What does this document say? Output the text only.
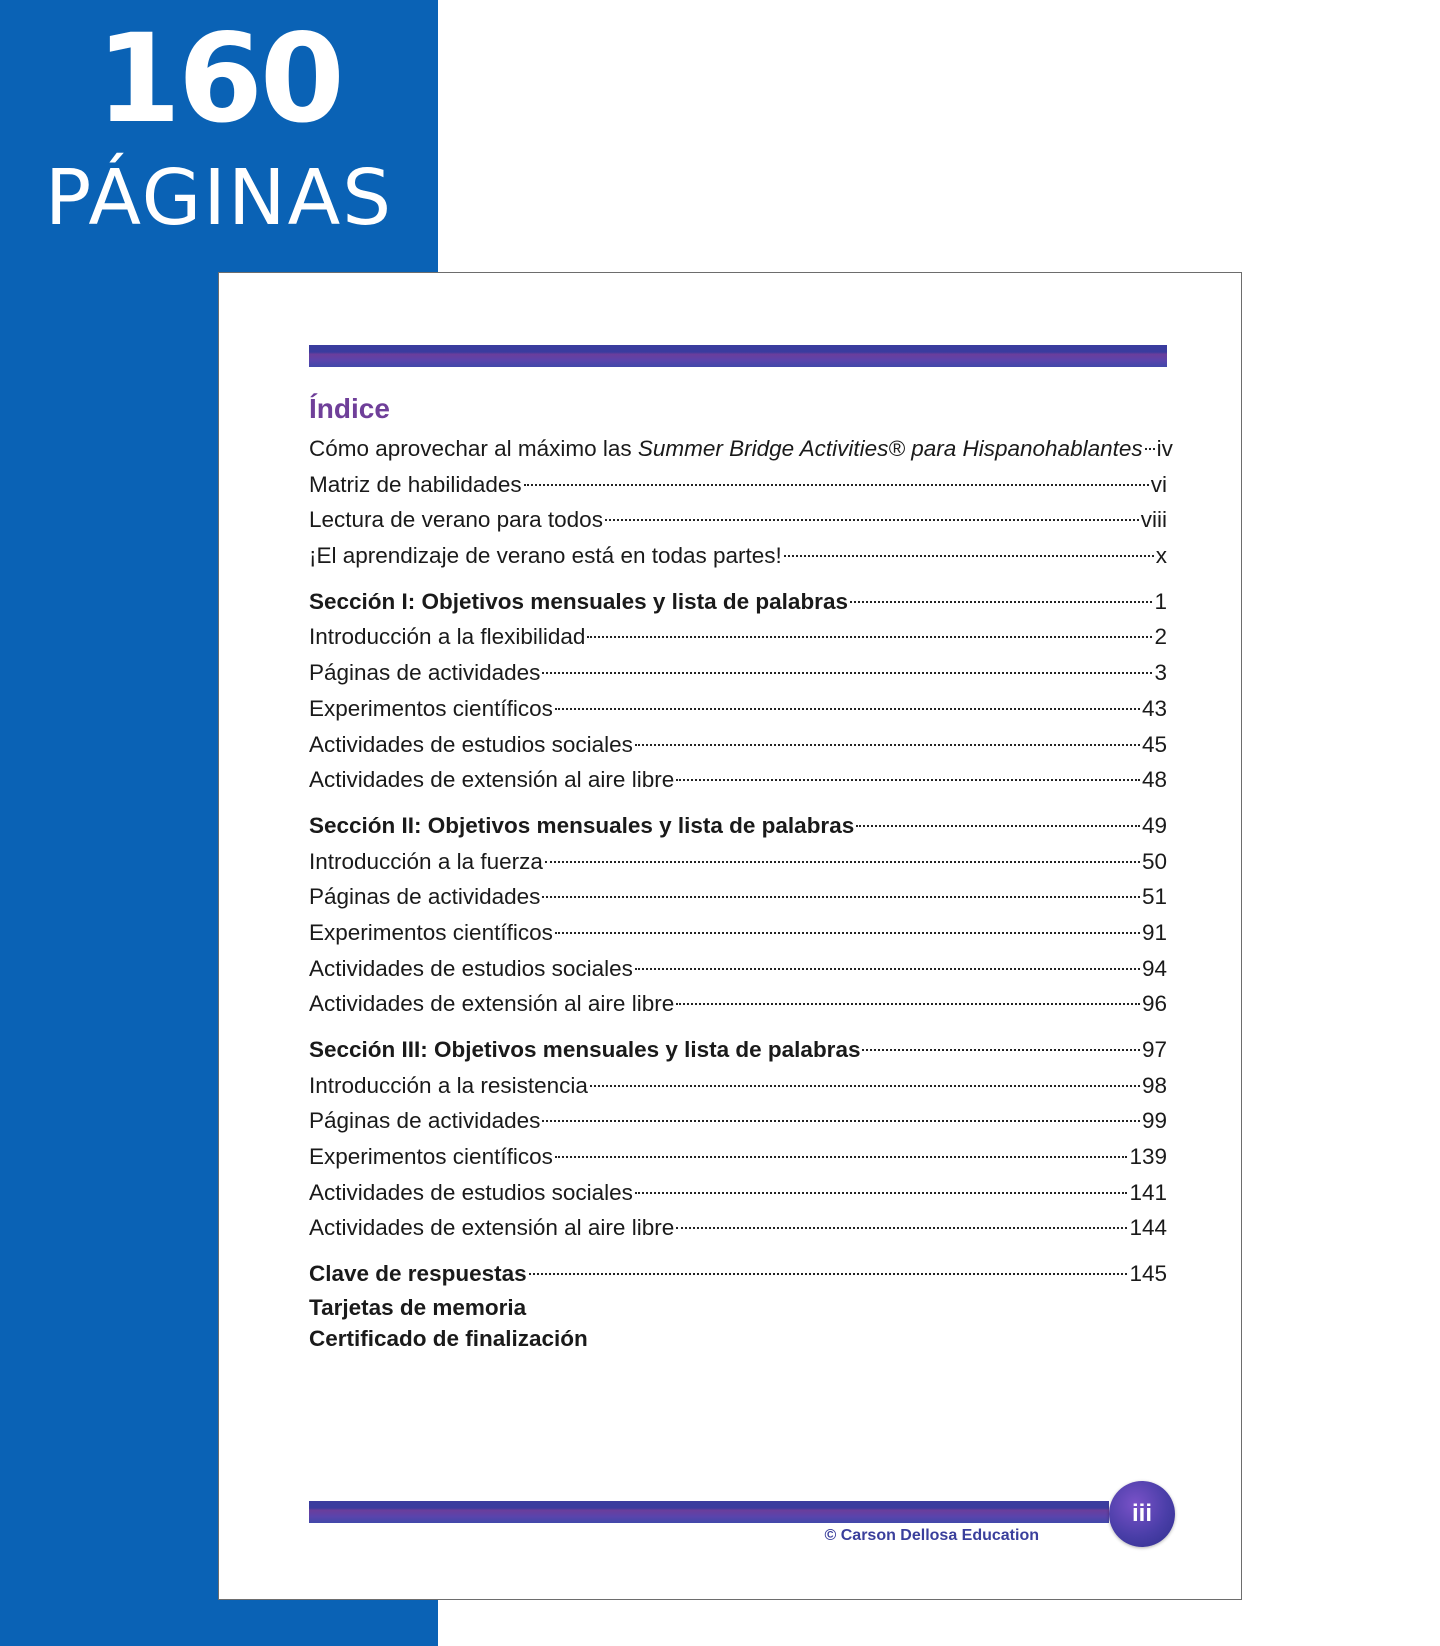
160
PÁGINAS
Índice
Cómo aprovechar al máximo las Summer Bridge Activities® para Hispanohablantes iv
Matriz de habilidades	vi
Lectura de verano para todos	viii
¡El aprendizaje de verano está en todas partes!	x
Sección I: Objetivos mensuales y lista de palabras	1
Introducción a la flexibilidad	2
Páginas de actividades	3
Experimentos científicos	43
Actividades de estudios sociales	45
Actividades de extensión al aire libre	48
Sección II: Objetivos mensuales y lista de palabras	49
Introducción a la fuerza	50
Páginas de actividades	51
Experimentos científicos	91
Actividades de estudios sociales	94
Actividades de extensión al aire libre	96
Sección III: Objetivos mensuales y lista de palabras	97
Introducción a la resistencia	98
Páginas de actividades	99
Experimentos científicos	139
Actividades de estudios sociales	141
Actividades de extensión al aire libre	144
Clave de respuestas	145
Tarjetas de memoria
Certificado de finalización
© Carson Dellosa Education
iii
